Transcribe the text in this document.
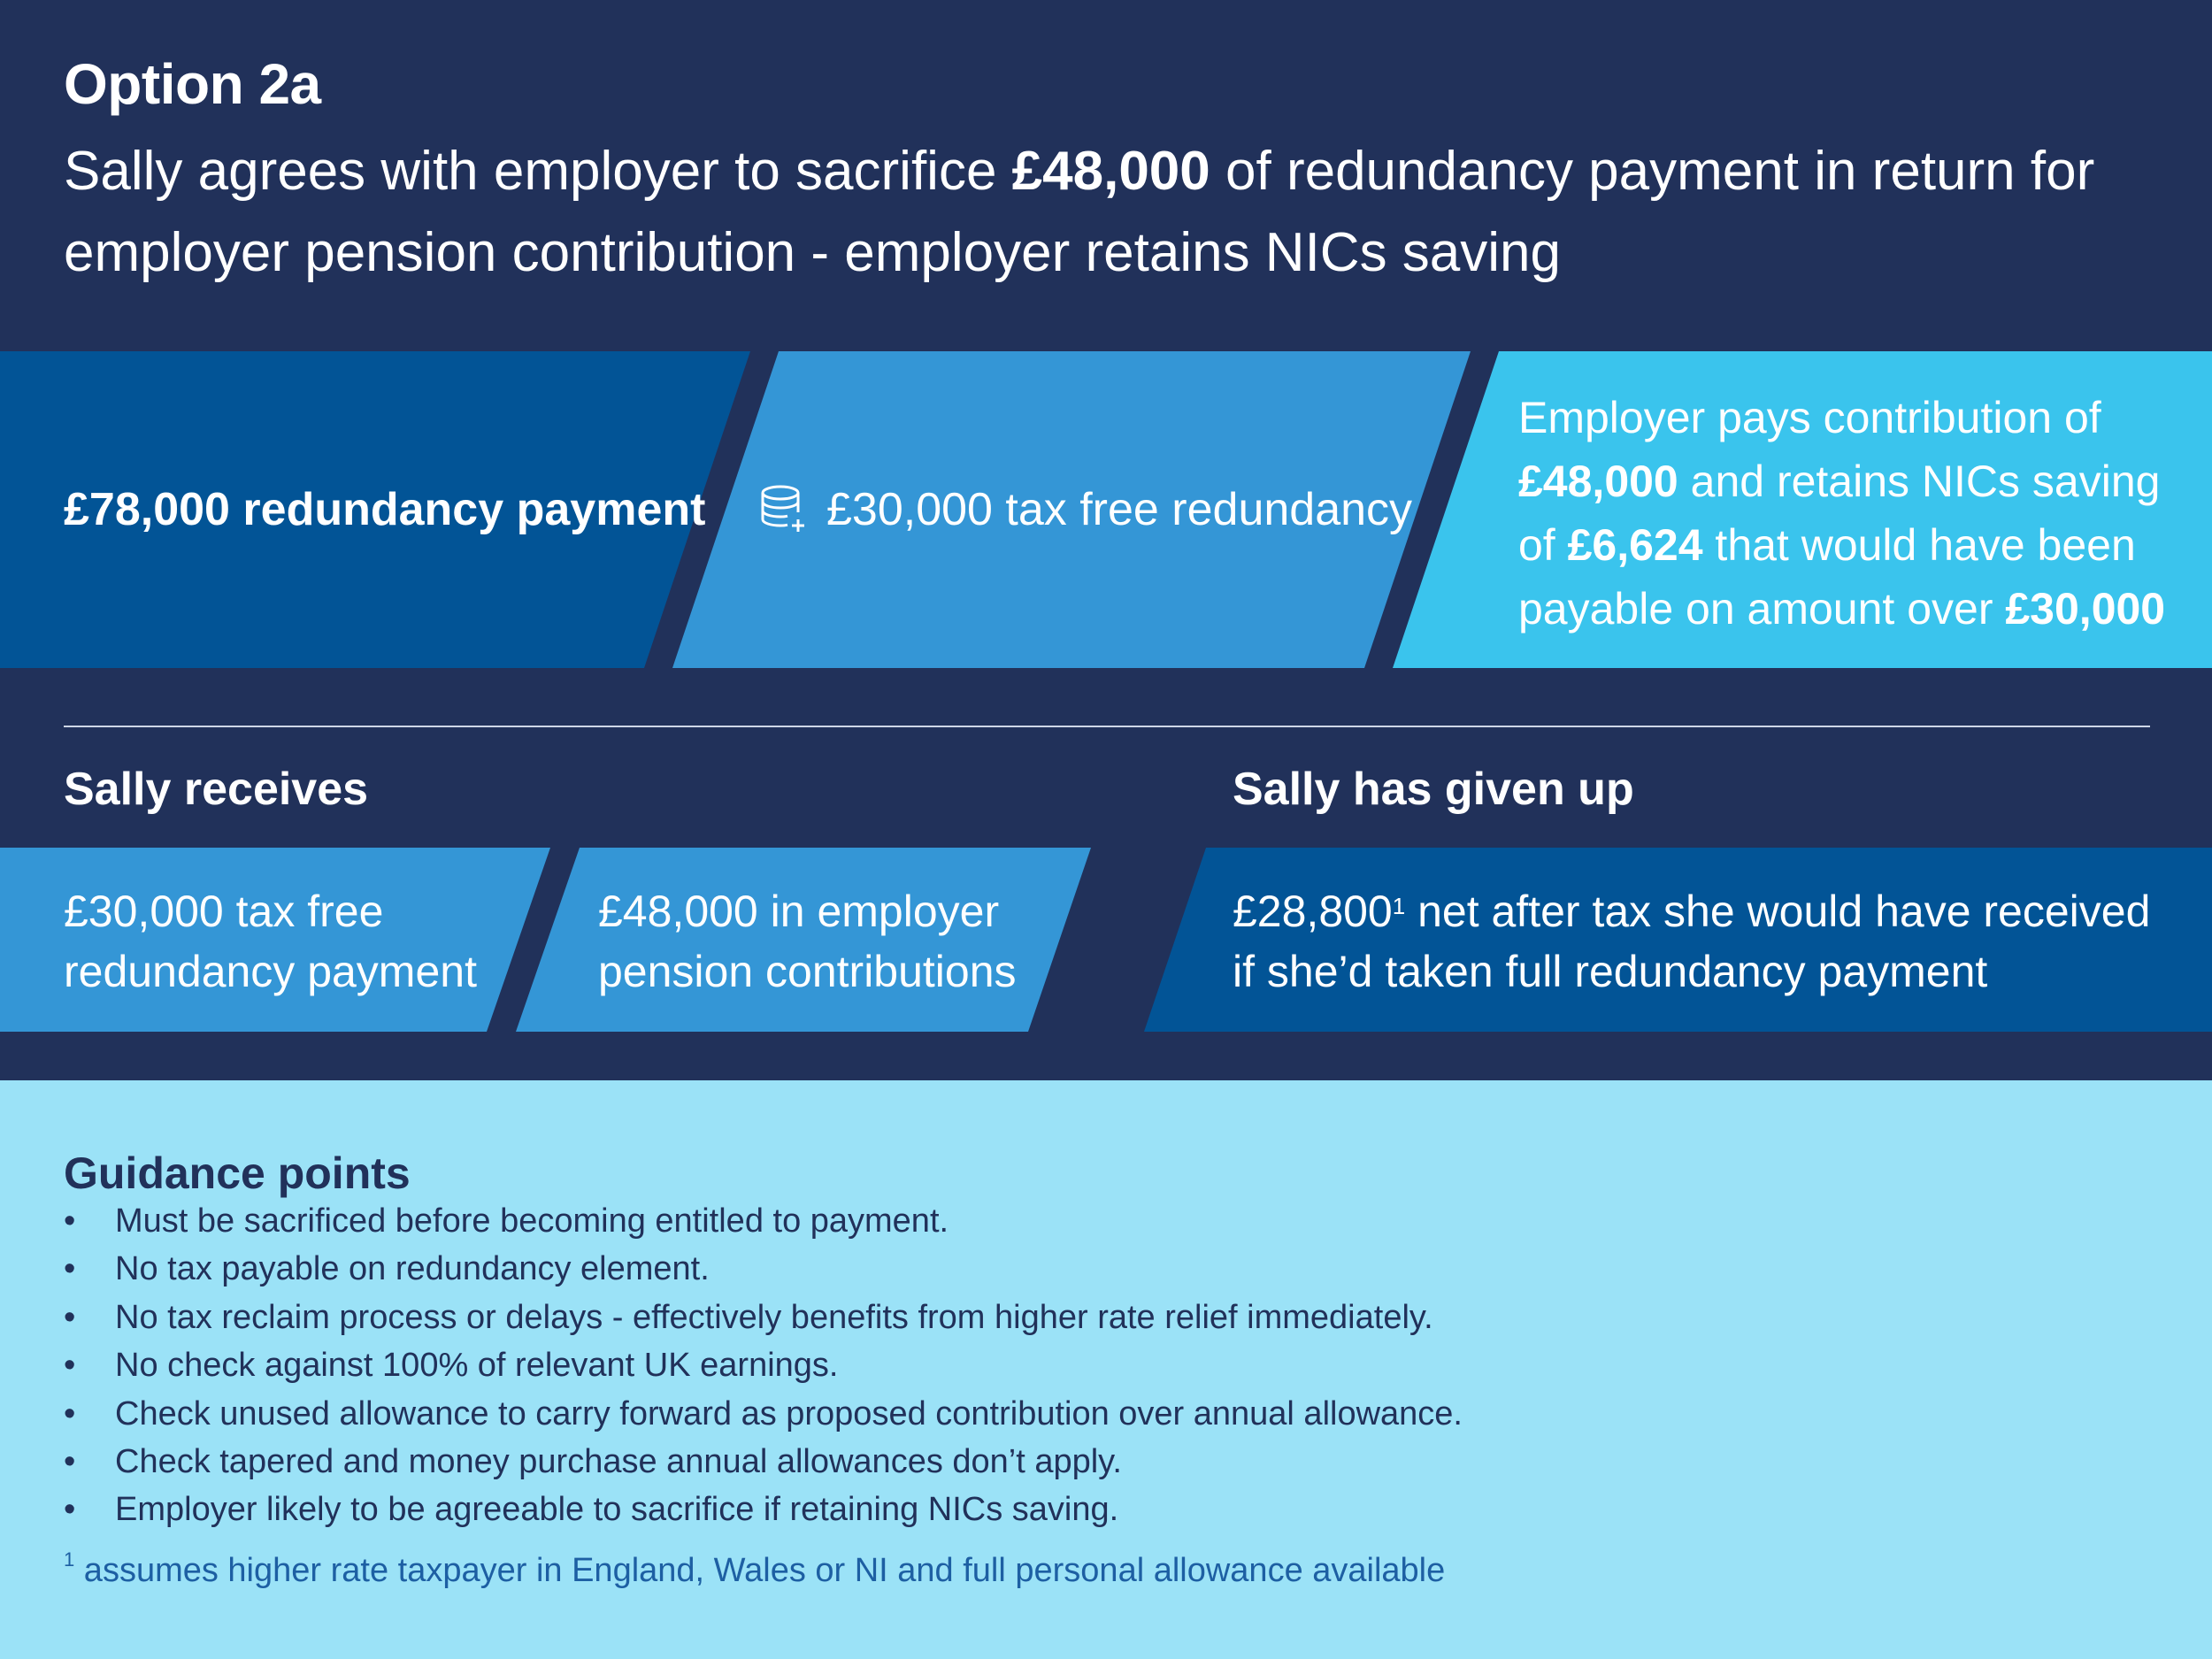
Option 2a
Sally agrees with employer to sacrifice £48,000 of redundancy payment in return for employer pension contribution - employer retains NICs saving
£78,000 redundancy payment	£30,000 tax free redundancy
Employer pays contribution of £48,000 and retains NICs saving of £6,624 that would have been payable on amount over £30,000
Sally receives	Sally has given up
£30,000 tax free redundancy payment
£48,000 in employer pension contributions
£28,800$^1$ net after tax she would have received if she’d taken full redundancy payment
Guidance points
•	Must be sacrificed before becoming entitled to payment.
•	No tax payable on redundancy element.
•	No tax reclaim process or delays - effectively benefits from higher rate relief immediately.
•	No check against 100% of relevant UK earnings.
•	Check unused allowance to carry forward as proposed contribution over annual allowance.
•	Check tapered and money purchase annual allowances don’t apply.
•	Employer likely to be agreeable to sacrifice if retaining NICs saving.
$^1$ assumes higher rate taxpayer in England, Wales or NI and full personal allowance available
